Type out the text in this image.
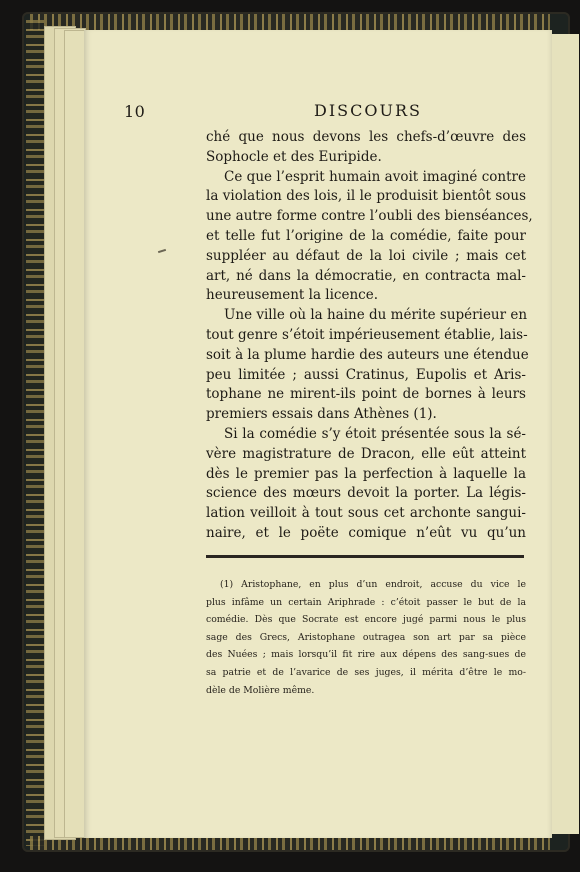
10	DISCOURS
ché que nous devons les chefs-d’œuvre des
Sophocle et des Euripide.
Ce que l’esprit humain avoit imaginé contre
la violation des lois, il le produisit bientôt sous
une autre forme contre l’oubli des bienséances,
et telle fut l’origine de la comédie, faite pour
suppléer au défaut de la loi civile ; mais cet
art, né dans la démocratie, en contracta mal-
heureusement la licence.
Une ville où la haine du mérite supérieur en
tout genre s’étoit impérieusement établie, lais-
soit à la plume hardie des auteurs une étendue
peu limitée ; aussi Cratinus, Eupolis et Aris-
tophane ne mirent-ils point de bornes à leurs
premiers essais dans Athènes (1).
Si la comédie s’y étoit présentée sous la sé-
vère magistrature de Dracon, elle eût atteint
dès le premier pas la perfection à laquelle la
science des mœurs devoit la porter. La légis-
lation veilloit à tout sous cet archonte sangui-
naire, et le poëte comique n’eût vu qu’un
(1) Aristophane, en plus d’un endroit, accuse du vice le
plus infâme un certain Ariphrade : c’étoit passer le but de la
comédie. Dès que Socrate est encore jugé parmi nous le plus
sage des Grecs, Aristophane outragea son art par sa pièce
des Nuées ; mais lorsqu’il fit rire aux dépens des sang-sues de
sa patrie et de l’avarice de ses juges, il mérita d’être le mo-
dèle de Molière même.
